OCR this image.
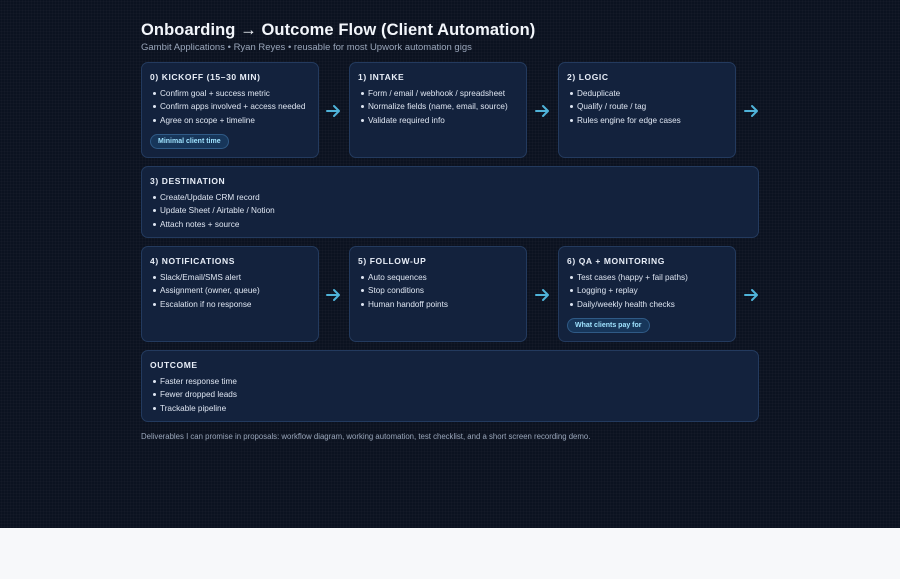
Onboarding → Outcome Flow (Client Automation)
Gambit Applications • Ryan Reyes • reusable for most Upwork automation gigs
0) KICKOFF (15–30 MIN)
Confirm goal + success metric
Confirm apps involved + access needed
Agree on scope + timeline
Minimal client time
1) INTAKE
Form / email / webhook / spreadsheet
Normalize fields (name, email, source)
Validate required info
2) LOGIC
Deduplicate
Qualify / route / tag
Rules engine for edge cases
3) DESTINATION
Create/Update CRM record
Update Sheet / Airtable / Notion
Attach notes + source
4) NOTIFICATIONS
Slack/Email/SMS alert
Assignment (owner, queue)
Escalation if no response
5) FOLLOW-UP
Auto sequences
Stop conditions
Human handoff points
6) QA + MONITORING
Test cases (happy + fail paths)
Logging + replay
Daily/weekly health checks
What clients pay for
OUTCOME
Faster response time
Fewer dropped leads
Trackable pipeline
Deliverables I can promise in proposals: workflow diagram, working automation, test checklist, and a short screen recording demo.
